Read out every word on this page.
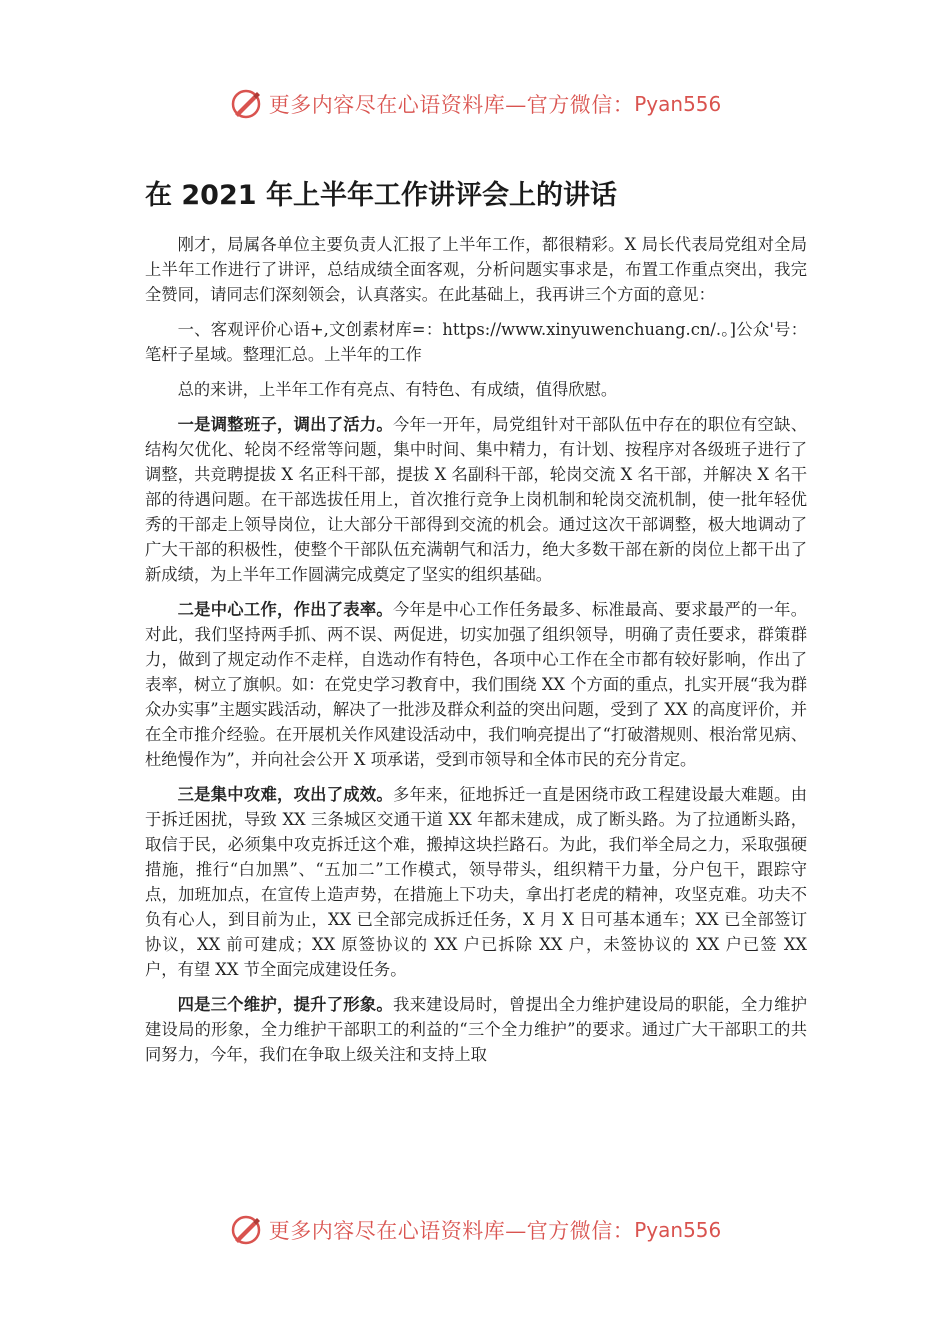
更多内容尽在心语资料库—官方微信： Pyan556
在 2021 年上半年工作讲评会上的讲话

刚才，局属各单位主要负责人汇报了上半年工作，都很精彩。X 局长代表局党组对全局上半年工作进行了讲评，总结成绩全面客观，分析问题实事求是，布置工作重点突出，我完全赞同，请同志们深刻领会，认真落实。在此基础上，我再讲三个方面的意见：

一、客观评价心语+,文创素材库=：https://www.xinyuwenchuang.cn/.。]公众'号：笔杆子星域。整理汇总。上半年的工作

总的来讲，上半年工作有亮点、有特色、有成绩，值得欣慰。

一是调整班子，调出了活力。今年一开年，局党组针对干部队伍中存在的职位有空缺、结构欠优化、轮岗不经常等问题，集中时间、集中精力，有计划、按程序对各级班子进行了调整，共竞聘提拔 X 名正科干部，提拔 X 名副科干部，轮岗交流 X 名干部，并解决 X 名干部的待遇问题。在干部选拔任用上，首次推行竞争上岗机制和轮岗交流机制，使一批年轻优秀的干部走上领导岗位，让大部分干部得到交流的机会。通过这次干部调整，极大地调动了广大干部的积极性，使整个干部队伍充满朝气和活力，绝大多数干部在新的岗位上都干出了新成绩，为上半年工作圆满完成奠定了坚实的组织基础。

二是中心工作，作出了表率。今年是中心工作任务最多、标准最高、要求最严的一年。对此，我们坚持两手抓、两不误、两促进，切实加强了组织领导，明确了责任要求，群策群力，做到了规定动作不走样，自选动作有特色，各项中心工作在全市都有较好影响，作出了表率，树立了旗帜。如：在党史学习教育中，我们围绕 XX 个方面的重点，扎实开展“我为群众办实事”主题实践活动，解决了一批涉及群众利益的突出问题，受到了 XX 的高度评价，并在全市推介经验。在开展机关作风建设活动中，我们响亮提出了“打破潜规则、根治常见病、杜绝慢作为”，并向社会公开 X 项承诺，受到市领导和全体市民的充分肯定。

三是集中攻难，攻出了成效。多年来，征地拆迁一直是困绕市政工程建设最大难题。由于拆迁困扰，导致 XX 三条城区交通干道 XX 年都未建成，成了断头路。为了拉通断头路，取信于民，必须集中攻克拆迁这个难，搬掉这块拦路石。为此，我们举全局之力，采取强硬措施，推行“白加黑”、“五加二”工作模式，领导带头，组织精干力量，分户包干，跟踪守点，加班加点，在宣传上造声势，在措施上下功夫，拿出打老虎的精神，攻坚克难。功夫不负有心人，到目前为止，XX 已全部完成拆迁任务，X 月 X 日可基本通车；XX 已全部签订协议，XX 前可建成；XX 原签协议的 XX 户已拆除 XX 户，未签协议的 XX 户已签 XX 户，有望 XX 节全面完成建设任务。

四是三个维护，提升了形象。我来建设局时，曾提出全力维护建设局的职能，全力维护建设局的形象，全力维护干部职工的利益的“三个全力维护”的要求。通过广大干部职工的共同努力，今年，我们在争取上级关注和支持上取

更多内容尽在心语资料库—官方微信： Pyan556
